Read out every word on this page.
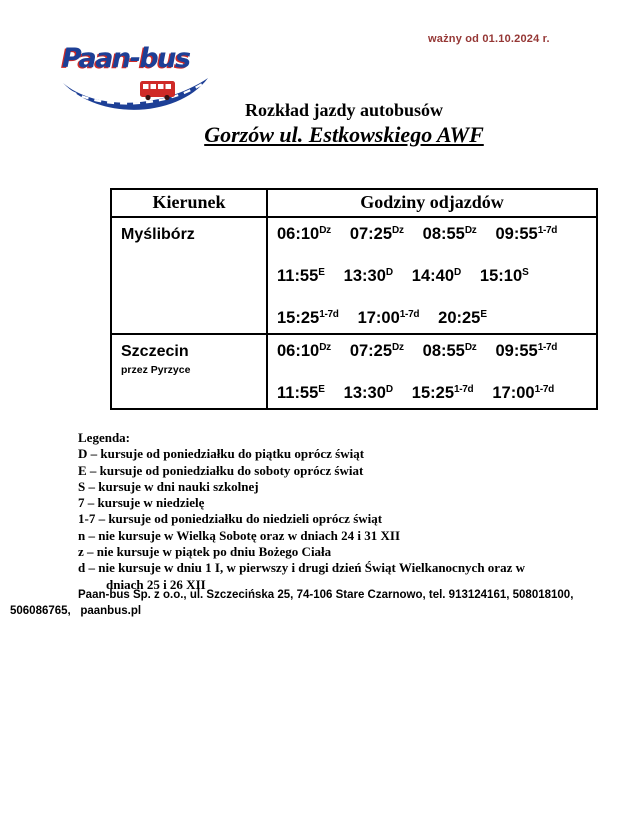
ważny od 01.10.2024 r.
Paan-bus
Rozkład jazdy autobusów
Gorzów ul. Estkowskiego AWF
Kierunek	Godziny odjazdów

Myślibórz	$06:10^{Dz}$ $07:25^{Dz}$ $08:55^{Dz}$ $09:55^{1-7d}$
$11:55^E$ $13:30^D$ $14:40^D$ $15:10^S$
$15:25^{1-7d}$ $17:00^{1-7d}$ $20:25^E$

Szczecin
przez Pyrzyce

$06:10^{Dz}$ $07:25^{Dz}$ $08:55^{Dz}$ $09:55^{1-7d}$
$11:55^E$ $13:30^D$ $15:25^{1-7d}$ $17:00^{1-7d}$
Legenda:
D – kursuje od poniedziałku do piątku oprócz świąt
E – kursuje od poniedziałku do soboty oprócz świat
S – kursuje w dni nauki szkolnej
7 – kursuje w niedzielę
1-7 – kursuje od poniedziałku do niedzieli oprócz świąt
n – nie kursuje w Wielką Sobotę oraz w dniach 24 i 31 XII
z – nie kursuje w piątek po dniu Bożego Ciała
d – nie kursuje w dniu 1 I, w pierwszy i drugi dzień Świąt Wielkanocnych oraz w dniach 25 i 26 XII
Paan-bus Sp. z o.o., ul. Szczecińska 25, 74-106 Stare Czarnowo, tel. 913124161, 508018100,
506086765,   paanbus.pl
